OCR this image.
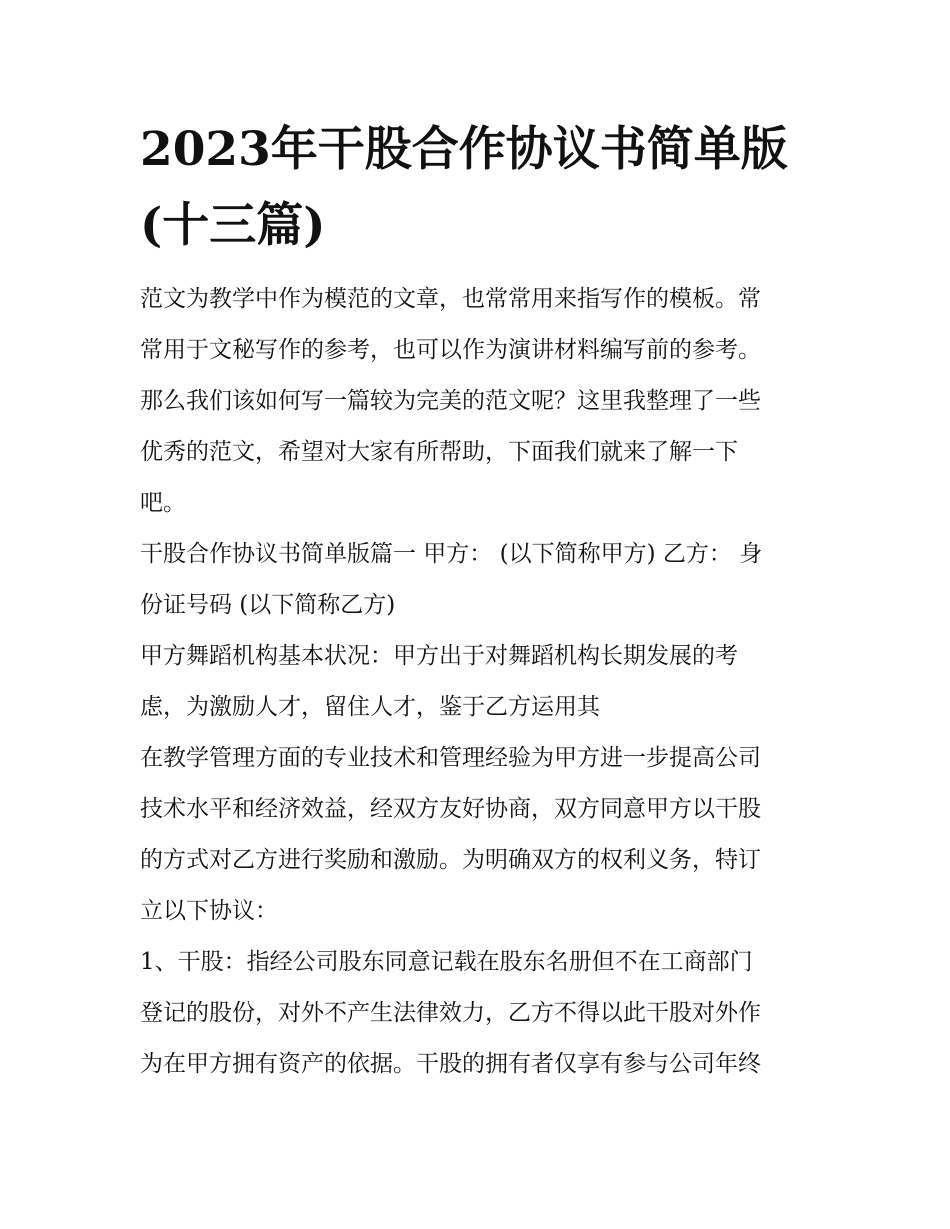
2023年干股合作协议书简单版
(十三篇)

范文为教学中作为模范的文章，也常常用来指写作的模板。常
常用于文秘写作的参考，也可以作为演讲材料编写前的参考。
那么我们该如何写一篇较为完美的范文呢？这里我整理了一些
优秀的范文，希望对大家有所帮助，下面我们就来了解一下
吧。

干股合作协议书简单版篇一 甲方： (以下简称甲方) 乙方： 身
份证号码 (以下简称乙方)

甲方舞蹈机构基本状况：甲方出于对舞蹈机构长期发展的考
虑，为激励人才，留住人才，鉴于乙方运用其

在教学管理方面的专业技术和管理经验为甲方进一步提高公司
技术水平和经济效益，经双方友好协商，双方同意甲方以干股
的方式对乙方进行奖励和激励。为明确双方的权利义务，特订
立以下协议：

1、干股：指经公司股东同意记载在股东名册但不在工商部门
登记的股份，对外不产生法律效力，乙方不得以此干股对外作
为在甲方拥有资产的依据。干股的拥有者仅享有参与公司年终
